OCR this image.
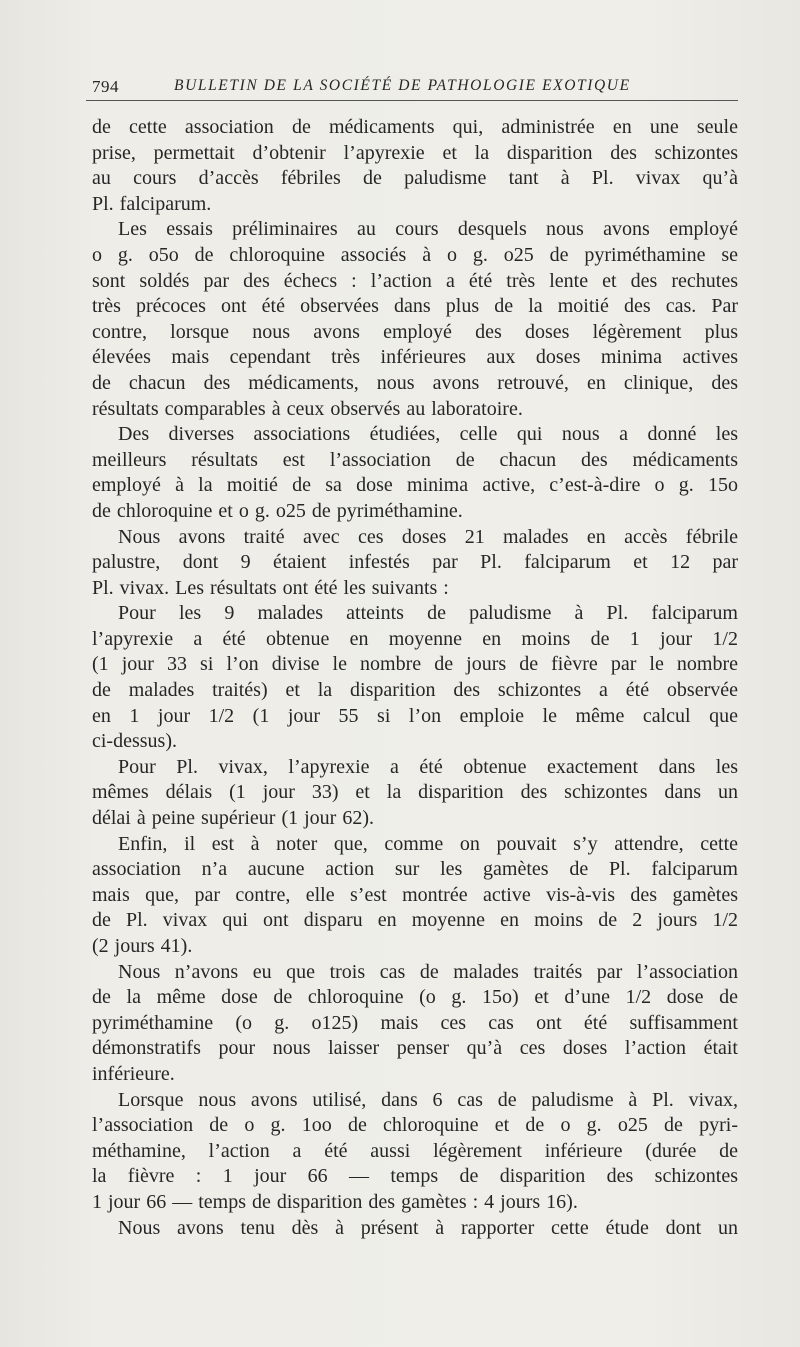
794	BULLETIN DE LA SOCIÉTÉ DE PATHOLOGIE EXOTIQUE
de cette association de médicaments qui, administrée en une seule
prise, permettait d’obtenir l’apyrexie et la disparition des schizontes
au cours d’accès fébriles de paludisme tant à Pl. vivax qu’à
Pl. falciparum.
Les essais préliminaires au cours desquels nous avons employé
o g. o5o de chloroquine associés à o g. o25 de pyriméthamine se
sont soldés par des échecs : l’action a été très lente et des rechutes
très précoces ont été observées dans plus de la moitié des cas. Par
contre, lorsque nous avons employé des doses légèrement plus
élevées mais cependant très inférieures aux doses minima actives
de chacun des médicaments, nous avons retrouvé, en clinique, des
résultats comparables à ceux observés au laboratoire.
Des diverses associations étudiées, celle qui nous a donné les
meilleurs résultats est l’association de chacun des médicaments
employé à la moitié de sa dose minima active, c’est-à-dire o g. 15o
de chloroquine et o g. o25 de pyriméthamine.
Nous avons traité avec ces doses 21 malades en accès fébrile
palustre, dont 9 étaient infestés par Pl. falciparum et 12 par
Pl. vivax. Les résultats ont été les suivants :
Pour les 9 malades atteints de paludisme à Pl. falciparum
l’apyrexie a été obtenue en moyenne en moins de 1 jour 1/2
(1 jour 33 si l’on divise le nombre de jours de fièvre par le nombre
de malades traités) et la disparition des schizontes a été observée
en 1 jour 1/2 (1 jour 55 si l’on emploie le même calcul que
ci-dessus).
Pour Pl. vivax, l’apyrexie a été obtenue exactement dans les
mêmes délais (1 jour 33) et la disparition des schizontes dans un
délai à peine supérieur (1 jour 62).
Enfin, il est à noter que, comme on pouvait s’y attendre, cette
association n’a aucune action sur les gamètes de Pl. falciparum
mais que, par contre, elle s’est montrée active vis-à-vis des gamètes
de Pl. vivax qui ont disparu en moyenne en moins de 2 jours 1/2
(2 jours 41).
Nous n’avons eu que trois cas de malades traités par l’association
de la même dose de chloroquine (o g. 15o) et d’une 1/2 dose de
pyriméthamine (o g. o125) mais ces cas ont été suffisamment
démonstratifs pour nous laisser penser qu’à ces doses l’action était
inférieure.
Lorsque nous avons utilisé, dans 6 cas de paludisme à Pl. vivax,
l’association de o g. 1oo de chloroquine et de o g. o25 de pyri-
méthamine, l’action a été aussi légèrement inférieure (durée de
la fièvre : 1 jour 66 — temps de disparition des schizontes
1 jour 66 — temps de disparition des gamètes : 4 jours 16).
Nous avons tenu dès à présent à rapporter cette étude dont un
